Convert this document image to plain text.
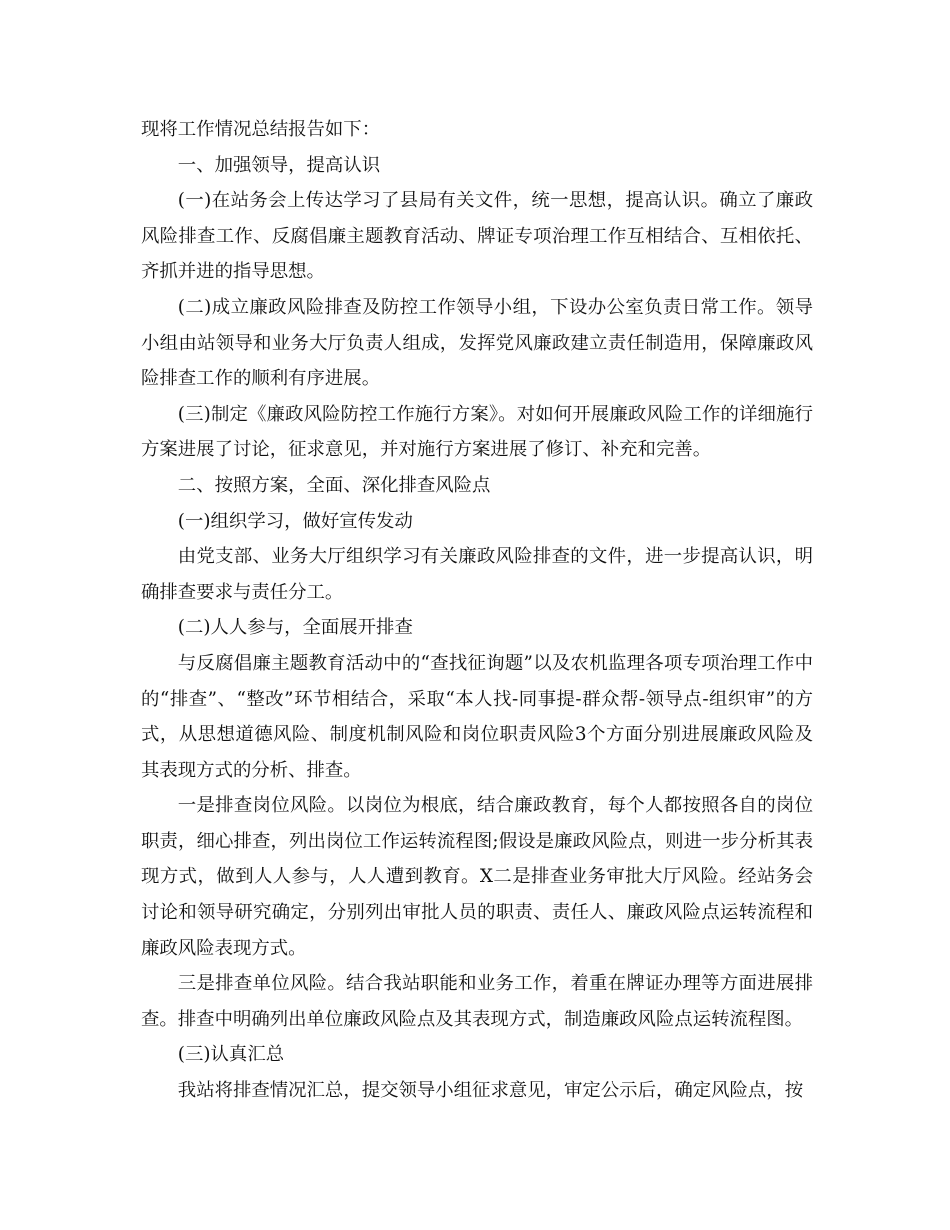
现将工作情况总结报告如下：

一、加强领导，提高认识

(一)在站务会上传达学习了县局有关文件，统一思想，提高认识。确立了廉政风险排查工作、反腐倡廉主题教育活动、牌证专项治理工作互相结合、互相依托、齐抓并进的指导思想。

(二)成立廉政风险排查及防控工作领导小组，下设办公室负责日常工作。领导小组由站领导和业务大厅负责人组成，发挥党风廉政建立责任制造用，保障廉政风险排查工作的顺利有序进展。

(三)制定《廉政风险防控工作施行方案》。对如何开展廉政风险工作的详细施行方案进展了讨论，征求意见，并对施行方案进展了修订、补充和完善。

二、按照方案，全面、深化排查风险点

(一)组织学习，做好宣传发动

由党支部、业务大厅组织学习有关廉政风险排查的文件，进一步提高认识，明确排查要求与责任分工。

(二)人人参与，全面展开排查

与反腐倡廉主题教育活动中的“查找征询题”以及农机监理各项专项治理工作中的“排查”、“整改”环节相结合，采取“本人找-同事提-群众帮-领导点-组织审”的方式，从思想道德风险、制度机制风险和岗位职责风险3个方面分别进展廉政风险及其表现方式的分析、排查。

一是排查岗位风险。以岗位为根底，结合廉政教育，每个人都按照各自的岗位职责，细心排查，列出岗位工作运转流程图;假设是廉政风险点，则进一步分析其表现方式，做到人人参与，人人遭到教育。X二是排查业务审批大厅风险。经站务会讨论和领导研究确定，分别列出审批人员的职责、责任人、廉政风险点运转流程和廉政风险表现方式。

三是排查单位风险。结合我站职能和业务工作，着重在牌证办理等方面进展排查。排查中明确列出单位廉政风险点及其表现方式，制造廉政风险点运转流程图。

(三)认真汇总

我站将排查情况汇总，提交领导小组征求意见，审定公示后，确定风险点，按
